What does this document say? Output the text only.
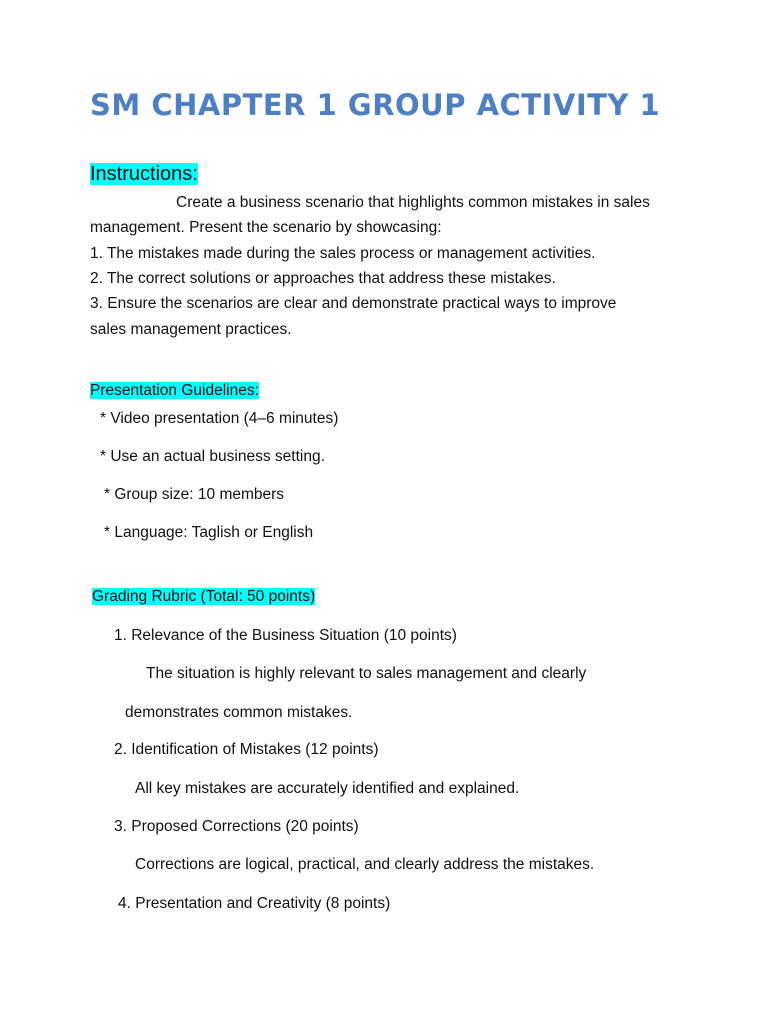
SM CHAPTER 1 GROUP ACTIVITY 1
Instructions:
Create a business scenario that highlights common mistakes in sales
management. Present the scenario by showcasing:
1. The mistakes made during the sales process or management activities.
2. The correct solutions or approaches that address these mistakes.
3. Ensure the scenarios are clear and demonstrate practical ways to improve
sales management practices.
Presentation Guidelines:
* Video presentation (4–6 minutes)
* Use an actual business setting.
* Group size: 10 members
* Language: Taglish or English
Grading Rubric (Total: 50 points)
1. Relevance of the Business Situation (10 points)
The situation is highly relevant to sales management and clearly
demonstrates common mistakes.
2. Identification of Mistakes (12 points)
All key mistakes are accurately identified and explained.
3. Proposed Corrections (20 points)
Corrections are logical, practical, and clearly address the mistakes.
4. Presentation and Creativity (8 points)
